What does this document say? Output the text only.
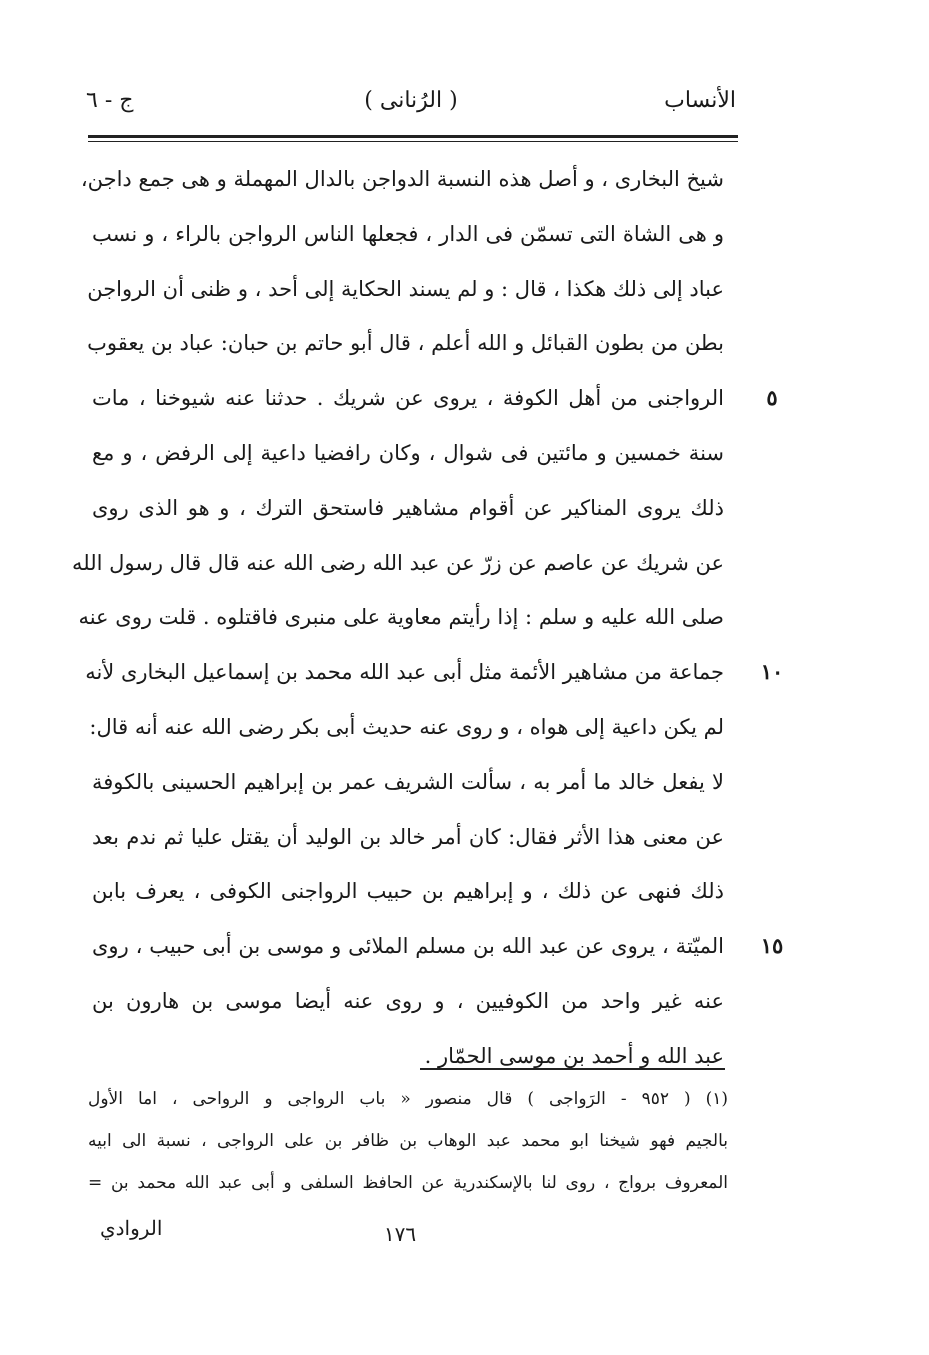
الأنساب
( الرُنانى )
ج - ٦
شيخ البخارى ، و أصل هذه النسبة الدواجن بالدال المهملة و هى جمع داجن،
و هى الشاة التى تسمّن فى الدار ، فجعلها الناس الرواجن بالراء ، و نسب
عباد إلى ذلك هكذا ، قال : و لم يسند الحكاية إلى أحد ، و ظنى أن الرواجن
بطن من بطون القبائل و الله أعلم ، قال أبو حاتم بن حبان: عباد بن يعقوب
الرواجنى من أهل الكوفة ، يروى عن شريك . حدثنا عنه شيوخنا ، مات
سنة خمسين و مائتين فى شوال ، وكان رافضيا داعية إلى الرفض ، و مع
ذلك يروى المناكير عن أقوام مشاهير فاستحق الترك ، و هو الذى روى
عن شريك عن عاصم عن زرّ عن عبد الله رضى الله عنه قال قال رسول الله
صلى الله عليه و سلم : إذا رأيتم معاوية على منبرى فاقتلوه . قلت روى عنه
جماعة من مشاهير الأئمة مثل أبى عبد الله محمد بن إسماعيل البخارى لأنه
لم يكن داعية إلى هواه ، و روى عنه حديث أبى بكر رضى الله عنه أنه قال:
لا يفعل خالد ما أمر به ، سألت الشريف عمر بن إبراهيم الحسينى بالكوفة
عن معنى هذا الأثر فقال: كان أمر خالد بن الوليد أن يقتل عليا ثم ندم بعد
ذلك فنهى عن ذلك ، و إبراهيم بن حبيب الرواجنى الكوفى ، يعرف بابن
الميّتة ، يروى عن عبد الله بن مسلم الملائى و موسى بن أبى حبيب ، روى
عنه غير واحد من الكوفيين ، و روى عنه أيضا موسى بن هارون بن
عبد الله و أحمد بن موسى الحمّار .
٥
١٠
١٥
(١) ( ٩٥٢ - الرَواجى ) قال منصور « باب الرواجى و الرواحى ، اما الأول
بالجيم فهو شيخنا ابو محمد عبد الوهاب بن ظافر بن على الرواجى ، نسبة الى ابيه
المعروف برواج ، روى لنا بالإسكندرية عن الحافظ السلفى و أبى عبد الله محمد بن =
١٧٦
الروادي
